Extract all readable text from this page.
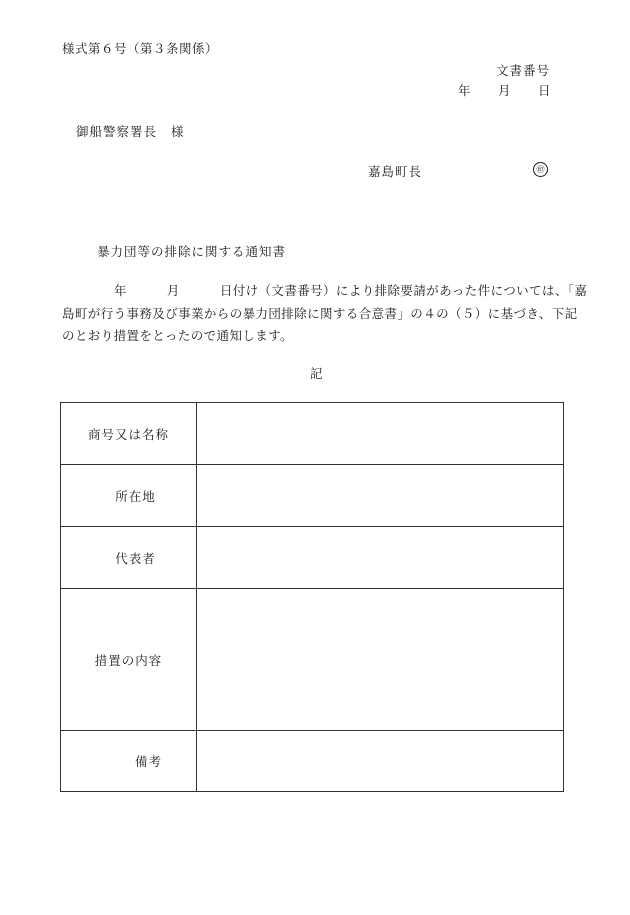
様式第６号（第３条関係）
文書番号
年 月 日
御船警察署長 様
嘉島町長	㊞
暴力団等の排除に関する通知書
年	月	日付け（文書番号）により排除要請があった件については、「嘉
島町が行う事務及び事業からの暴力団排除に関する合意書」の４の（５）に基づき、下記
のとおり措置をとったので通知します。
記
商号又は名称	
所在地	
代表者	
措置の内容	
備考	
